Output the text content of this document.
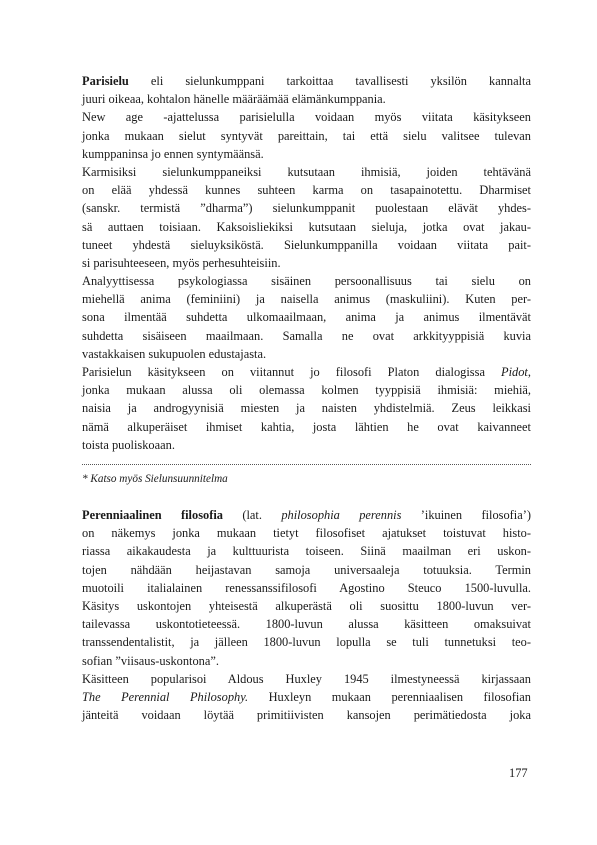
Parisielu eli sielunkumppani tarkoittaa tavallisesti yksilön kannalta
juuri oikeaa, kohtalon hänelle määräämää elämänkumppania.
New age -ajattelussa parisielulla voidaan myös viitata käsitykseen
jonka mukaan sielut syntyvät pareittain, tai että sielu valitsee tulevan
kumppaninsa jo ennen syntymäänsä.
Karmisiksi sielunkumppaneiksi kutsutaan ihmisiä, joiden tehtävänä
on elää yhdessä kunnes suhteen karma on tasapainotettu. Dharmiset
(sanskr. termistä ”dharma”) sielunkumppanit puolestaan elävät yhdes-
sä auttaen toisiaan. Kaksoisliekiksi kutsutaan sieluja, jotka ovat jakau-
tuneet yhdestä sieluyksiköstä. Sielunkumppanilla voidaan viitata pait-
si parisuhteeseen, myös perhesuhteisiin.
Analyyttisessa psykologiassa sisäinen persoonallisuus tai sielu on
miehellä anima (feminiini) ja naisella animus (maskuliini). Kuten per-
sona ilmentää suhdetta ulkomaailmaan, anima ja animus ilmentävät
suhdetta sisäiseen maailmaan. Samalla ne ovat arkkityyppisiä kuvia
vastakkaisen sukupuolen edustajasta.
Parisielun käsitykseen on viitannut jo filosofi Platon dialogissa Pidot,
jonka mukaan alussa oli olemassa kolmen tyyppisiä ihmisiä: miehiä,
naisia ja androgyynisiä miesten ja naisten yhdistelmiä. Zeus leikkasi
nämä alkuperäiset ihmiset kahtia, josta lähtien he ovat kaivanneet
toista puoliskoaan.
* Katso myös Sielunsuunnitelma
Perenniaalinen filosofia (lat. philosophia perennis ’ikuinen filosofia’)
on näkemys jonka mukaan tietyt filosofiset ajatukset toistuvat histo-
riassa aikakaudesta ja kulttuurista toiseen. Siinä maailman eri uskon-
tojen nähdään heijastavan samoja universaaleja totuuksia. Termin
muotoili italialainen renessanssifilosofi Agostino Steuco 1500-luvulla.
Käsitys uskontojen yhteisestä alkuperästä oli suosittu 1800-luvun ver-
tailevassa uskontotieteessä. 1800-luvun alussa käsitteen omaksuivat
transsendentalistit, ja jälleen 1800-luvun lopulla se tuli tunnetuksi teo-
sofian ”viisaus-uskontona”.
Käsitteen popularisoi Aldous Huxley 1945 ilmestyneessä kirjassaan
The Perennial Philosophy. Huxleyn mukaan perenniaalisen filosofian
jänteitä voidaan löytää primitiivisten kansojen perimätiedosta joka
177
